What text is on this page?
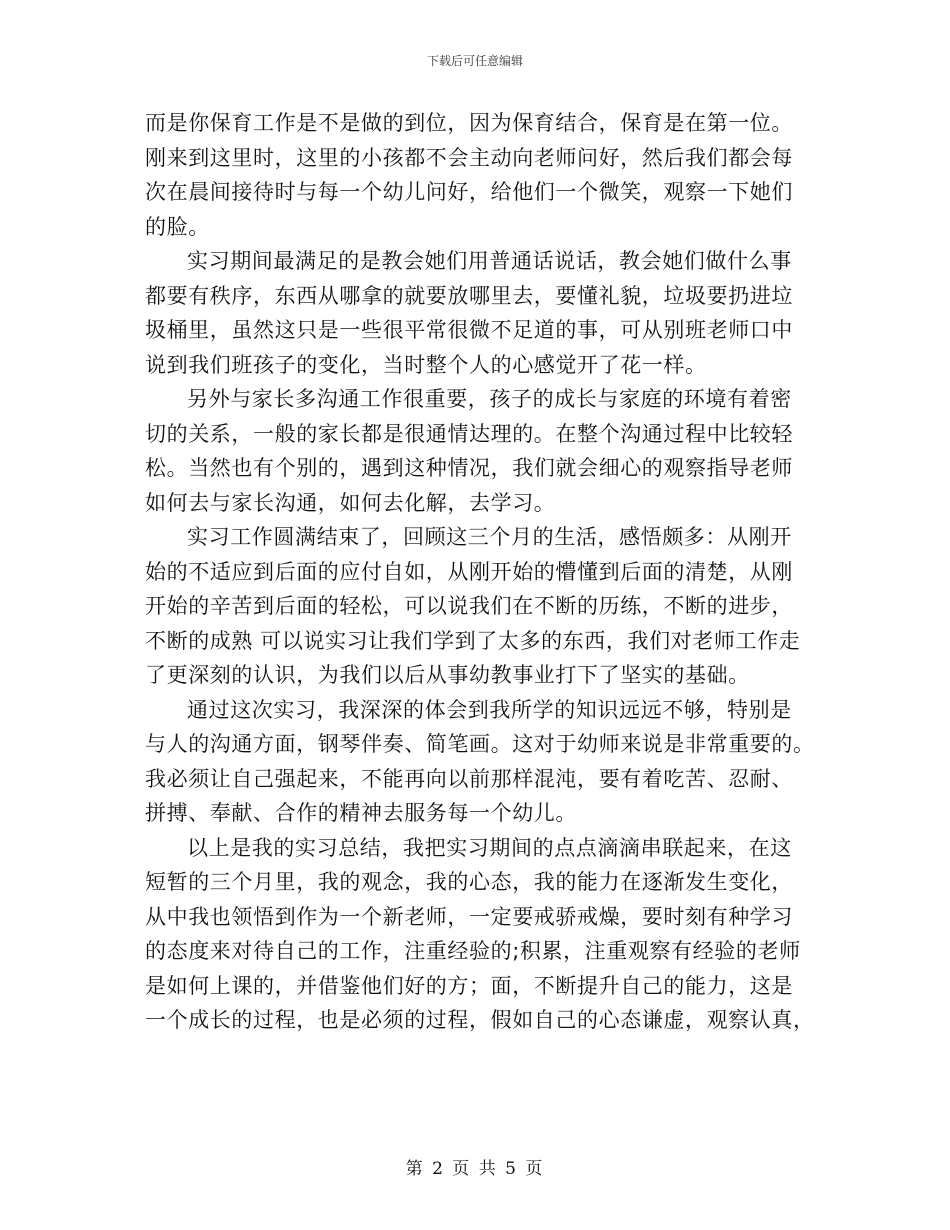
下载后可任意编辑
而是你保育工作是不是做的到位，因为保育结合，保育是在第一位。
刚来到这里时，这里的小孩都不会主动向老师问好，然后我们都会每
次在晨间接待时与每一个幼儿问好，给他们一个微笑，观察一下她们
的脸。
实习期间最满足的是教会她们用普通话说话，教会她们做什么事
都要有秩序，东西从哪拿的就要放哪里去，要懂礼貌，垃圾要扔进垃
圾桶里，虽然这只是一些很平常很微不足道的事，可从别班老师口中
说到我们班孩子的变化，当时整个人的心感觉开了花一样。
另外与家长多沟通工作很重要，孩子的成长与家庭的环境有着密
切的关系，一般的家长都是很通情达理的。在整个沟通过程中比较轻
松。当然也有个别的，遇到这种情况，我们就会细心的观察指导老师
如何去与家长沟通，如何去化解，去学习。
实习工作圆满结束了，回顾这三个月的生活，感悟颇多：从刚开
始的不适应到后面的应付自如，从刚开始的懵懂到后面的清楚，从刚
开始的辛苦到后面的轻松，可以说我们在不断的历练，不断的进步，
不断的成熟 可以说实习让我们学到了太多的东西，我们对老师工作走
了更深刻的认识，为我们以后从事幼教事业打下了坚实的基础。
通过这次实习，我深深的体会到我所学的知识远远不够，特别是
与人的沟通方面，钢琴伴奏、简笔画。这对于幼师来说是非常重要的。
我必须让自己强起来，不能再向以前那样混沌，要有着吃苦、忍耐、
拼搏、奉献、合作的精神去服务每一个幼儿。
以上是我的实习总结，我把实习期间的点点滴滴串联起来，在这
短暂的三个月里，我的观念，我的心态，我的能力在逐渐发生变化，
从中我也领悟到作为一个新老师，一定要戒骄戒燥，要时刻有种学习
的态度来对待自己的工作，注重经验的;积累，注重观察有经验的老师
是如何上课的，并借鉴他们好的方；面，不断提升自己的能力，这是
一个成长的过程，也是必须的过程，假如自己的心态谦虚，观察认真，
第 2 页 共 5 页
